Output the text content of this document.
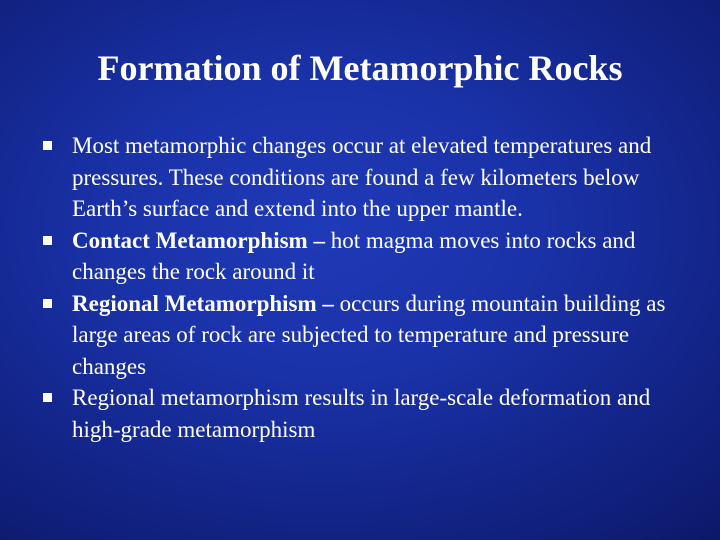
Formation of Metamorphic Rocks
Most metamorphic changes occur at elevated temperatures and pressures. These conditions are found a few kilometers below Earth’s surface and extend into the upper mantle.
Contact Metamorphism – hot magma moves into rocks and changes the rock around it
Regional Metamorphism – occurs during mountain building as large areas of rock are subjected to temperature and pressure changes
Regional metamorphism results in large-scale deformation and high-grade metamorphism
